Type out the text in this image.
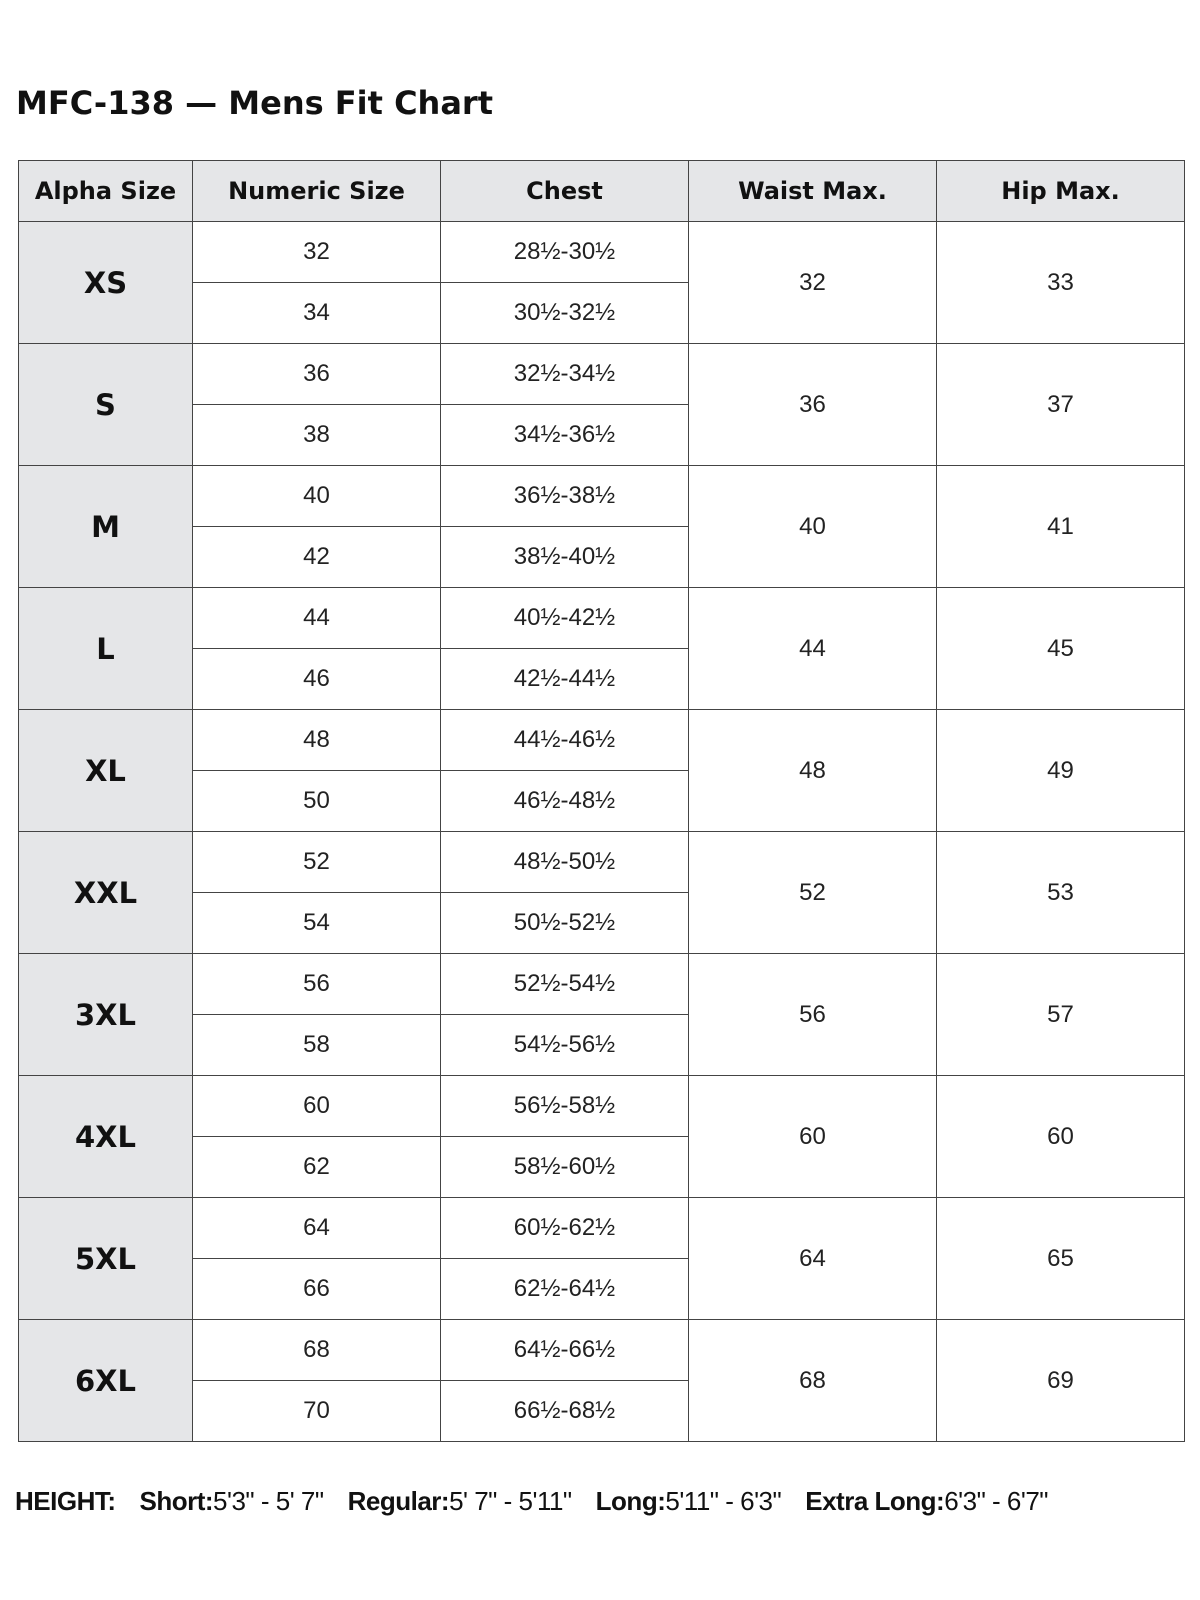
MFC-138 — Mens Fit Chart
Alpha Size	Numeric Size	Chest	Waist Max.	Hip Max.
XS	32	28½-30½	32	33
	34	30½-32½		
S	36	32½-34½	36	37
	38	34½-36½		
M	40	36½-38½	40	41
	42	38½-40½		
L	44	40½-42½	44	45
	46	42½-44½		
XL	48	44½-46½	48	49
	50	46½-48½		
XXL	52	48½-50½	52	53
	54	50½-52½		
3XL	56	52½-54½	56	57
	58	54½-56½		
4XL	60	56½-58½	60	60
	62	58½-60½		
5XL	64	60½-62½	64	65
	66	62½-64½		
6XL	68	64½-66½	68	69
	70	66½-68½		
HEIGHT: Short:5'3" - 5' 7" Regular:5' 7" - 5'11" Long:5'11" - 6'3" Extra Long:6'3" - 6'7"
